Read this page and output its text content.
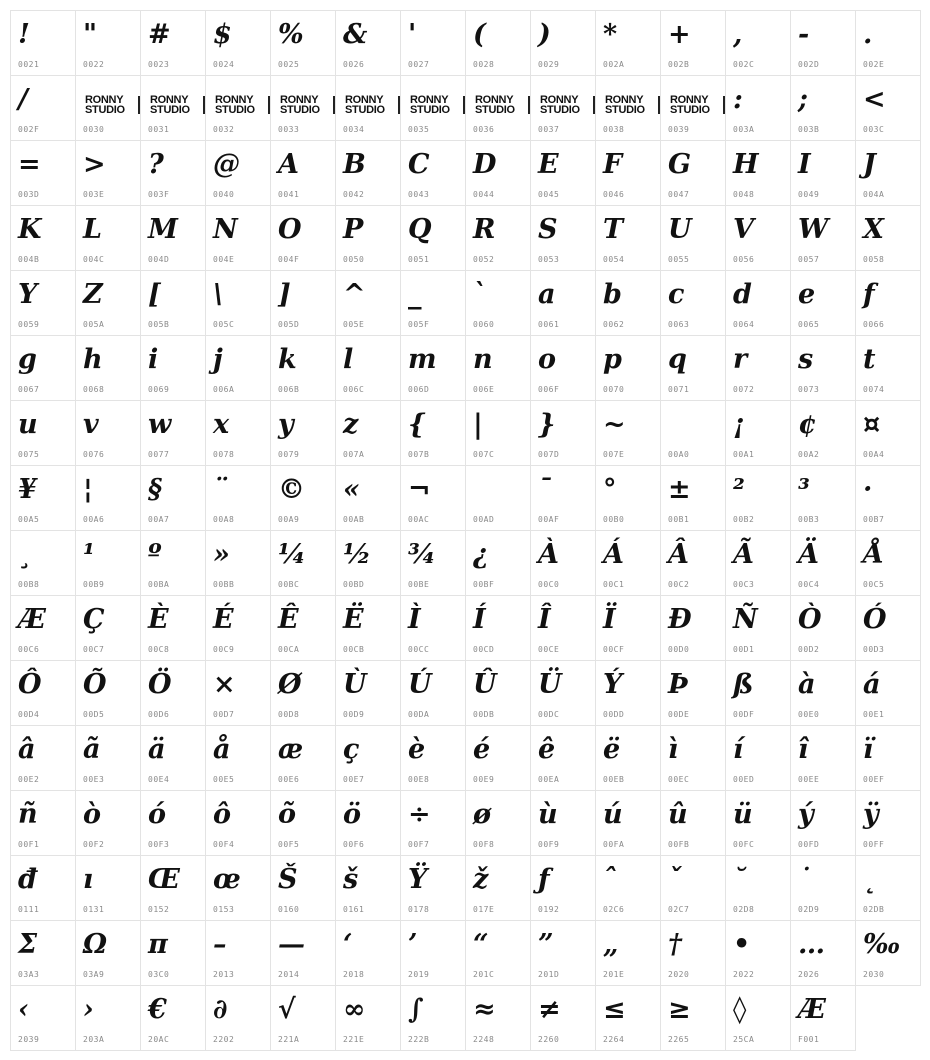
!
0021
"
0022
#
0023
$
0024
%
0025
&
0026
'
0027
(
0028
)
0029
*
002A
+
002B
,
002C
-
002D
.
002E
/
002F
RONNY
STUDIO
0030
RONNY
STUDIO
0031
RONNY
STUDIO
0032
RONNY
STUDIO
0033
RONNY
STUDIO
0034
RONNY
STUDIO
0035
RONNY
STUDIO
0036
RONNY
STUDIO
0037
RONNY
STUDIO
0038
RONNY
STUDIO
0039
:
003A
;
003B
<
003C
=
003D
>
003E
?
003F
@
0040
A
0041
B
0042
C
0043
D
0044
E
0045
F
0046
G
0047
H
0048
I
0049
J
004A
K
004B
L
004C
M
004D
N
004E
O
004F
P
0050
Q
0051
R
0052
S
0053
T
0054
U
0055
V
0056
W
0057
X
0058
Y
0059
Z
005A
[
005B
\
005C
]
005D
^
005E
_
005F
`
0060
a
0061
b
0062
c
0063
d
0064
e
0065
f
0066
g
0067
h
0068
i
0069
j
006A
k
006B
l
006C
m
006D
n
006E
o
006F
p
0070
q
0071
r
0072
s
0073
t
0074
u
0075
v
0076
w
0077
x
0078
y
0079
z
007A
{
007B
|
007C
}
007D
~
007E
	00A0
¡
00A1
¢
00A2
¤
00A4
¥
00A5
¦
00A6
§
00A7
¨
00A8
©
00A9
«
00AB
¬
00AC	00AD
¯
00AF
°
00B0
±
00B1
²
00B2
³
00B3
·
00B7
¸
00B8
¹
00B9
º
00BA
»
00BB
¼
00BC
½
00BD
¾
00BE
¿
00BF
À
00C0
Á
00C1
Â
00C2
Ã
00C3
Ä
00C4
Å
00C5
Æ
00C6
Ç
00C7
È
00C8
É
00C9
Ê
00CA
Ë
00CB
Ì
00CC
Í
00CD
Î
00CE
Ï
00CF
Ð
00D0
Ñ
00D1
Ò
00D2
Ó
00D3
Ô
00D4
Õ
00D5
Ö
00D6
×
00D7
Ø
00D8
Ù
00D9
Ú
00DA
Û
00DB
Ü
00DC
Ý
00DD
Þ
00DE
ß
00DF
à
00E0
á
00E1
â
00E2
ã
00E3
ä
00E4
å
00E5
æ
00E6
ç
00E7
è
00E8
é
00E9
ê
00EA
ë
00EB
ì
00EC
í
00ED
î
00EE
ï
00EF
ñ
00F1
ò
00F2
ó
00F3
ô
00F4
õ
00F5
ö
00F6
÷
00F7
ø
00F8
ù
00F9
ú
00FA
û
00FB
ü
00FC
ý
00FD
ÿ
00FF
đ
0111
ı
0131
Œ
0152
œ
0153
Š
0160
š
0161
Ÿ
0178
ž
017E
ƒ
0192
ˆ
02C6
ˇ
02C7
˘
02D8
˙
02D9
˛
02DB
Σ
03A3
Ω
03A9
π
03C0
–
2013
—
2014
‘
2018
’
2019
“
201C
”
201D
„
201E
†
2020
•
2022
…
2026
‰
2030
‹
2039
›
203A
€
20AC
∂
2202
√
221A
∞
221E
∫
222B
≈
2248
≠
2260
≤
2264
≥
2265
◊
25CA
Æ
F001
